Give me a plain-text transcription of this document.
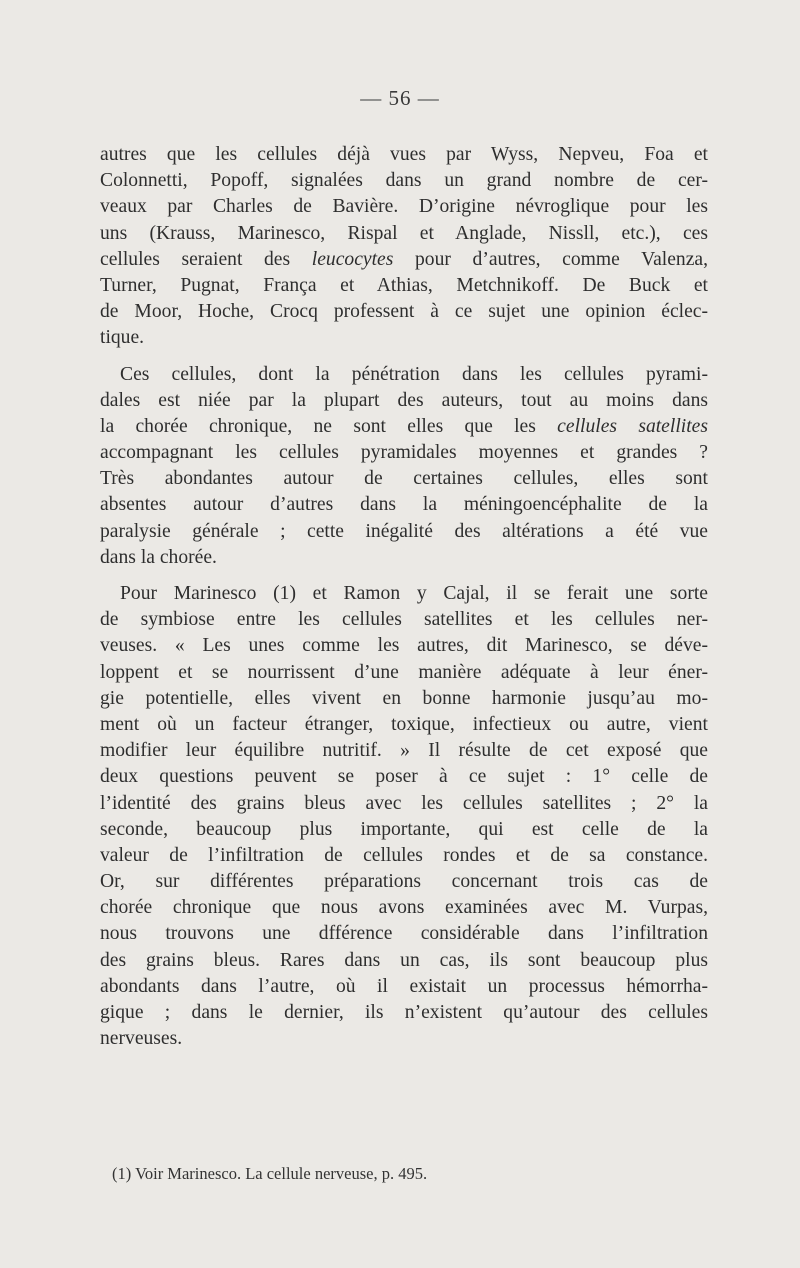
— 56 —
autres que les cellules déjà vues par Wyss, Nepveu, Foa et
Colonnetti, Popoff, signalées dans un grand nombre de cer-
veaux par Charles de Bavière. D’origine névroglique pour les
uns (Krauss, Marinesco, Rispal et Anglade, Nissll, etc.), ces
cellules seraient des leucocytes pour d’autres, comme Valenza,
Turner, Pugnat, França et Athias, Metchnikoff. De Buck et
de Moor, Hoche, Crocq professent à ce sujet une opinion éclec-
tique.
Ces cellules, dont la pénétration dans les cellules pyrami-
dales est niée par la plupart des auteurs, tout au moins dans
la chorée chronique, ne sont elles que les cellules satellites
accompagnant les cellules pyramidales moyennes et grandes ?
Très abondantes autour de certaines cellules, elles sont
absentes autour d’autres dans la méningoencéphalite de la
paralysie générale ; cette inégalité des altérations a été vue
dans la chorée.
Pour Marinesco (1) et Ramon y Cajal, il se ferait une sorte
de symbiose entre les cellules satellites et les cellules ner-
veuses. « Les unes comme les autres, dit Marinesco, se déve-
loppent et se nourrissent d’une manière adéquate à leur éner-
gie potentielle, elles vivent en bonne harmonie jusqu’au mo-
ment où un facteur étranger, toxique, infectieux ou autre, vient
modifier leur équilibre nutritif. » Il résulte de cet exposé que
deux questions peuvent se poser à ce sujet : 1° celle de
l’identité des grains bleus avec les cellules satellites ; 2° la
seconde, beaucoup plus importante, qui est celle de la
valeur de l’infiltration de cellules rondes et de sa constance.
Or, sur différentes préparations concernant trois cas de
chorée chronique que nous avons examinées avec M. Vurpas,
nous trouvons une dfférence considérable dans l’infiltration
des grains bleus. Rares dans un cas, ils sont beaucoup plus
abondants dans l’autre, où il existait un processus hémorrha-
gique ; dans le dernier, ils n’existent qu’autour des cellules
nerveuses.
(1) Voir Marinesco. La cellule nerveuse, p. 495.
